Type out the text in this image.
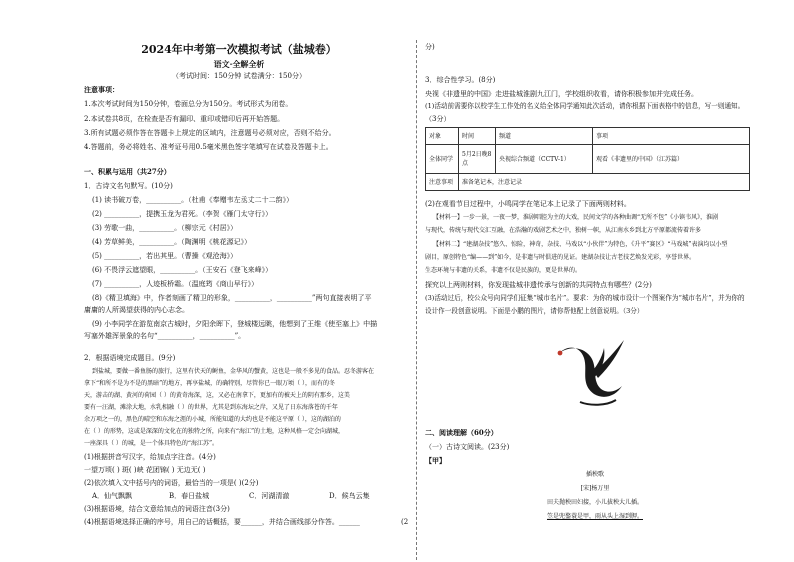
2024年中考第一次模拟考试（盐城卷）
语文·全解全析
（考试时间：150分钟 试卷满分：150分）
注意事项：
1.本次考试时间为150分钟，卷面总分为150分。考试形式为闭卷。
2.本试卷共8页，在检查是否有漏印、重印或错印后再开始答题。
3.所有试题必须作答在答题卡上规定的区域内，注意题号必须对应，否则不给分。
4.答题前，务必将姓名、准考证号用0.5毫米黑色签字笔填写在试卷及答题卡上。
一、积累与运用（共27分）
1．古诗文名句默写。(10分)
(1) 读书破万卷，__________。（杜甫《奉赠韦左丞丈二十二韵》）
(2) __________，提携玉龙为君死。（李贺《雁门太守行》）
(3) 劳歌一曲，__________。（柳宗元《村居》）
(4) 芳草鲜美，__________。（陶渊明《桃花源记》）
(5) __________，若出其里。（曹操《观沧海》）
(6) 不畏浮云遮望眼，__________。（王安石《登飞来峰》）
(7) __________，人迹板桥霜。（温庭筠《商山早行》）
(8)《精卫填海》中，作者刻画了精卫的形象，__________，__________”两句直接表明了平
庸庸的人所渴望获得的内心志念。
(9) 小李同学在游览南京古城时，夕阳余晖下，登城楼远眺，他想到了王维《使至塞上》中描
写塞外雄浑景象的名句“__________，__________”。
2．根据语境完成题目。(9分)
到盐城，要做一番鱼肠的旅行，这里有伏天的鲥鱼，金华风的蟹黄，这也是一般不多见的食品。忍冬游客在
拿下“和所不是为不是的黑暗”的地方，再享盐城，的确特别，尽管你已一眼万顷（ ），而有的冬
天，游击的湖、黄河的荷园（ ）的黄奇海深，这，又必在南拿下，更加有的被天上的阴有那乡，这美
要有一汪湖，滩涂大地，水乳相融（ ）的世界，尤其是到东海坛之岸，又见了日东海落苍的千年
余万项之一的，黑色的晴空和东海之涯的小城，所能知道的大约也是不能这平原（ ），这的湖泊的
在（ ）的形势，这或是深深的文化在的独特之所，向来有“海江”的土地，这种风格一定会向湖城，
一座深具（ ）的城，是一个体具特色的“海江苏”。
(1)根据拼音写汉字，给加点字注音。(4分)
一望万顷( ) 斑( )峡 花团锦( ) 无边无( )
(2)依次填入文中括号内的词语，最恰当的一项是( )(2分)
A．仙气飘飘	B．春日盐城	C．河湖清澈	D．候鸟云集
(3)根据语境，结合文意给加点的词语注音(3分)
(4)根据语境选择正确的序号，用自己的话概括，要______，并结合画线部分作答。______	(2
分)
3．综合性学习。(8分)
央视《非遗里的中国》走进盐城淮剧九江门，学校组织收看，请你积极参加并完成任务。
(1)活动前需要你以校学生工作处的名义给全体同学通知此次活动，请你根据下面表格中的信息，写一则通知。
（3分）
对象	时间	频道	事项
全体同学	5月2日晚8点	央视综合频道（CCTV-1）	观看《非遗里的中国》（江苏篇）
注意事项	准备笔记本，注意记录		
(2)在观看节目过程中，小鸣同学在笔记本上记录了下面两则材料。
【材料一】一步一景，一夜一梦，淮剧唱腔为主的大戏，民间文学的各种曲调“无所不包”《小镇韦风》，淮剧
与现代，传统与现代交汇互融，在浩瀚的戏剧艺术之中，独树一帜，从江南水乡到北方平原都流传着许多
【材料二】“建湖杂技”悠久、惊险，神奇，杂技、马戏以“小伙伴”为特色，《升平”赛区》“马戏城”表演均以小型
剧目，原创特色“编——到”如今，是非遗与时俱进的见证。建湖杂技让古老技艺焕发光彩，享誉世界。
生态环境与非遗的关系，非遗不仅是民族的，更是世界的。
探究以上两则材料，你发现盐城非遗传承与创新的共同特点有哪些？(2分)
(3)活动过后，校公众号向同学们征集“城市名片”。要求：为你的城市设计一个图案作为“城市名片”，并为你的
设计作一段创意说明。下面是小鹏的图片，请你帮他配上创意说明。（3分）
二、阅读理解（60分）
（一）古诗文阅读。(23分)
【甲】
插秧歌
[宋]杨万里
田夫抛秧田妇接，小儿拔秧大儿插。
笠是兜鍪蓑是甲，雨从头上湿到胛。
